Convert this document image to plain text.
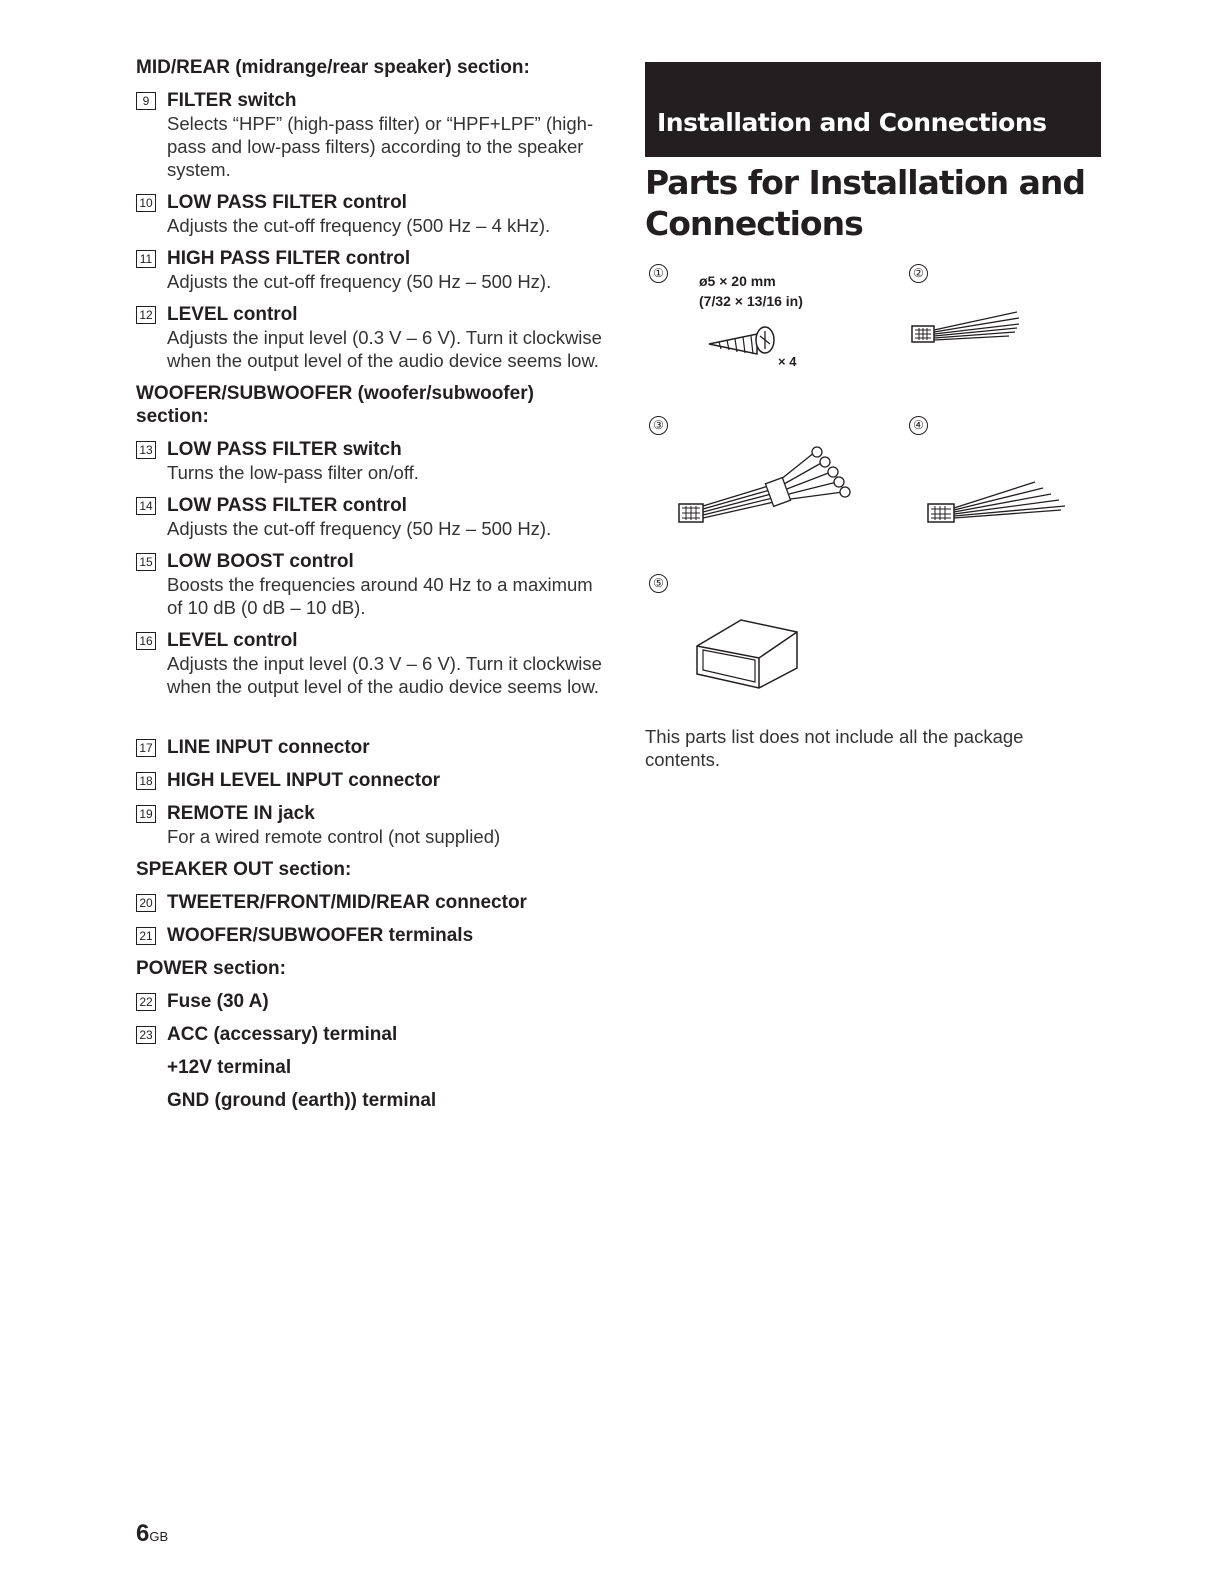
MID/REAR (midrange/rear speaker) section:
9 FILTER switch
Selects “HPF” (high-pass filter) or “HPF+LPF” (high-pass and low-pass filters) according to the speaker system.
10 LOW PASS FILTER control
Adjusts the cut-off frequency (500 Hz – 4 kHz).
11 HIGH PASS FILTER control
Adjusts the cut-off frequency (50 Hz – 500 Hz).
12 LEVEL control
Adjusts the input level (0.3 V – 6 V). Turn it clockwise when the output level of the audio device seems low.
WOOFER/SUBWOOFER (woofer/subwoofer) section:
13 LOW PASS FILTER switch
Turns the low-pass filter on/off.
14 LOW PASS FILTER control
Adjusts the cut-off frequency (50 Hz – 500 Hz).
15 LOW BOOST control
Boosts the frequencies around 40 Hz to a maximum of 10 dB (0 dB – 10 dB).
16 LEVEL control
Adjusts the input level (0.3 V – 6 V). Turn it clockwise when the output level of the audio device seems low.
17 LINE INPUT connector
18 HIGH LEVEL INPUT connector
19 REMOTE IN jack
For a wired remote control (not supplied)
SPEAKER OUT section:
20 TWEETER/FRONT/MID/REAR connector
21 WOOFER/SUBWOOFER terminals
POWER section:
22 Fuse (30 A)
23 ACC (accessary) terminal
+12V terminal
GND (ground (earth)) terminal
Installation and Connections
Parts for Installation and Connections
①	ø5 × 20 mm
(7/32 × 13/16 in)
× 4
②
③	④
⑤
This parts list does not include all the package contents.
6GB
